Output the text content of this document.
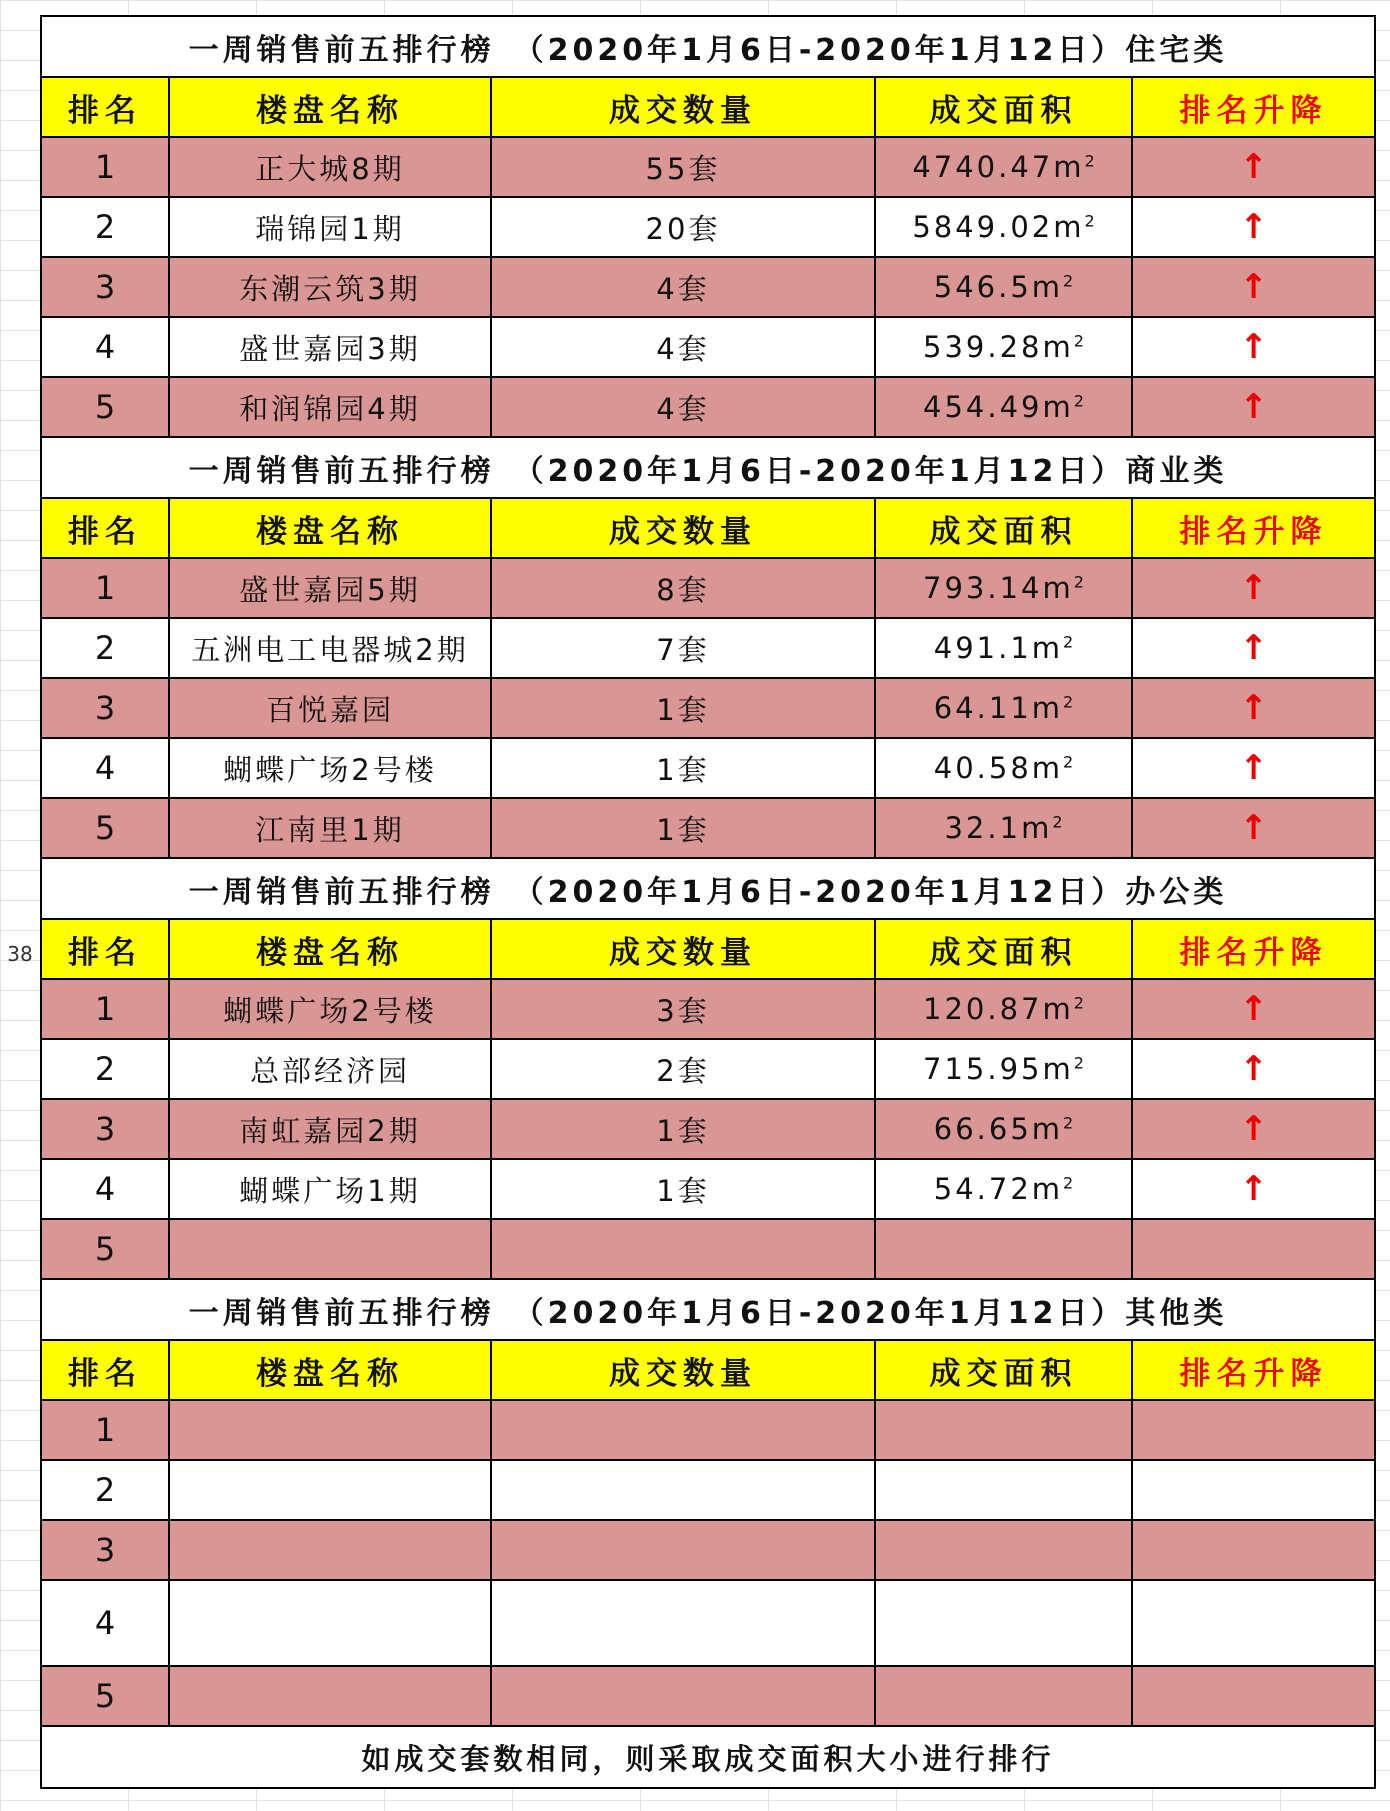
38
一周销售前五排行榜　（2020年1月6日-2020年1月12日）住宅类				
排名	楼盘名称	成交数量	成交面积	排名升降
1	正大城8期	55套	$4740.47m^2$	↑
2	瑞锦园1期	20套	$5849.02m^2$	↑
3	东潮云筑3期	4套	$546.5m^2$	↑
4	盛世嘉园3期	4套	$539.28m^2$	↑
5	和润锦园4期	4套	$454.49m^2$	↑
一周销售前五排行榜　（2020年1月6日-2020年1月12日）商业类				
排名	楼盘名称	成交数量	成交面积	排名升降
1	盛世嘉园5期	8套	$793.14m^2$	↑
2	五洲电工电器城2期	7套	$491.1m^2$	↑
3	百悦嘉园	1套	$64.11m^2$	↑
4	蝴蝶广场2号楼	1套	$40.58m^2$	↑
5	江南里1期	1套	$32.1m^2$	↑
一周销售前五排行榜　（2020年1月6日-2020年1月12日）办公类				
排名	楼盘名称	成交数量	成交面积	排名升降
1	蝴蝶广场2号楼	3套	$120.87m^2$	↑
2	总部经济园	2套	$715.95m^2$	↑
3	南虹嘉园2期	1套	$66.65m^2$	↑
4	蝴蝶广场1期	1套	$54.72m^2$	↑
5				
一周销售前五排行榜　（2020年1月6日-2020年1月12日）其他类				
排名	楼盘名称	成交数量	成交面积	排名升降
1				
2				
3				
4				
5				
如成交套数相同，则采取成交面积大小进行排行				
